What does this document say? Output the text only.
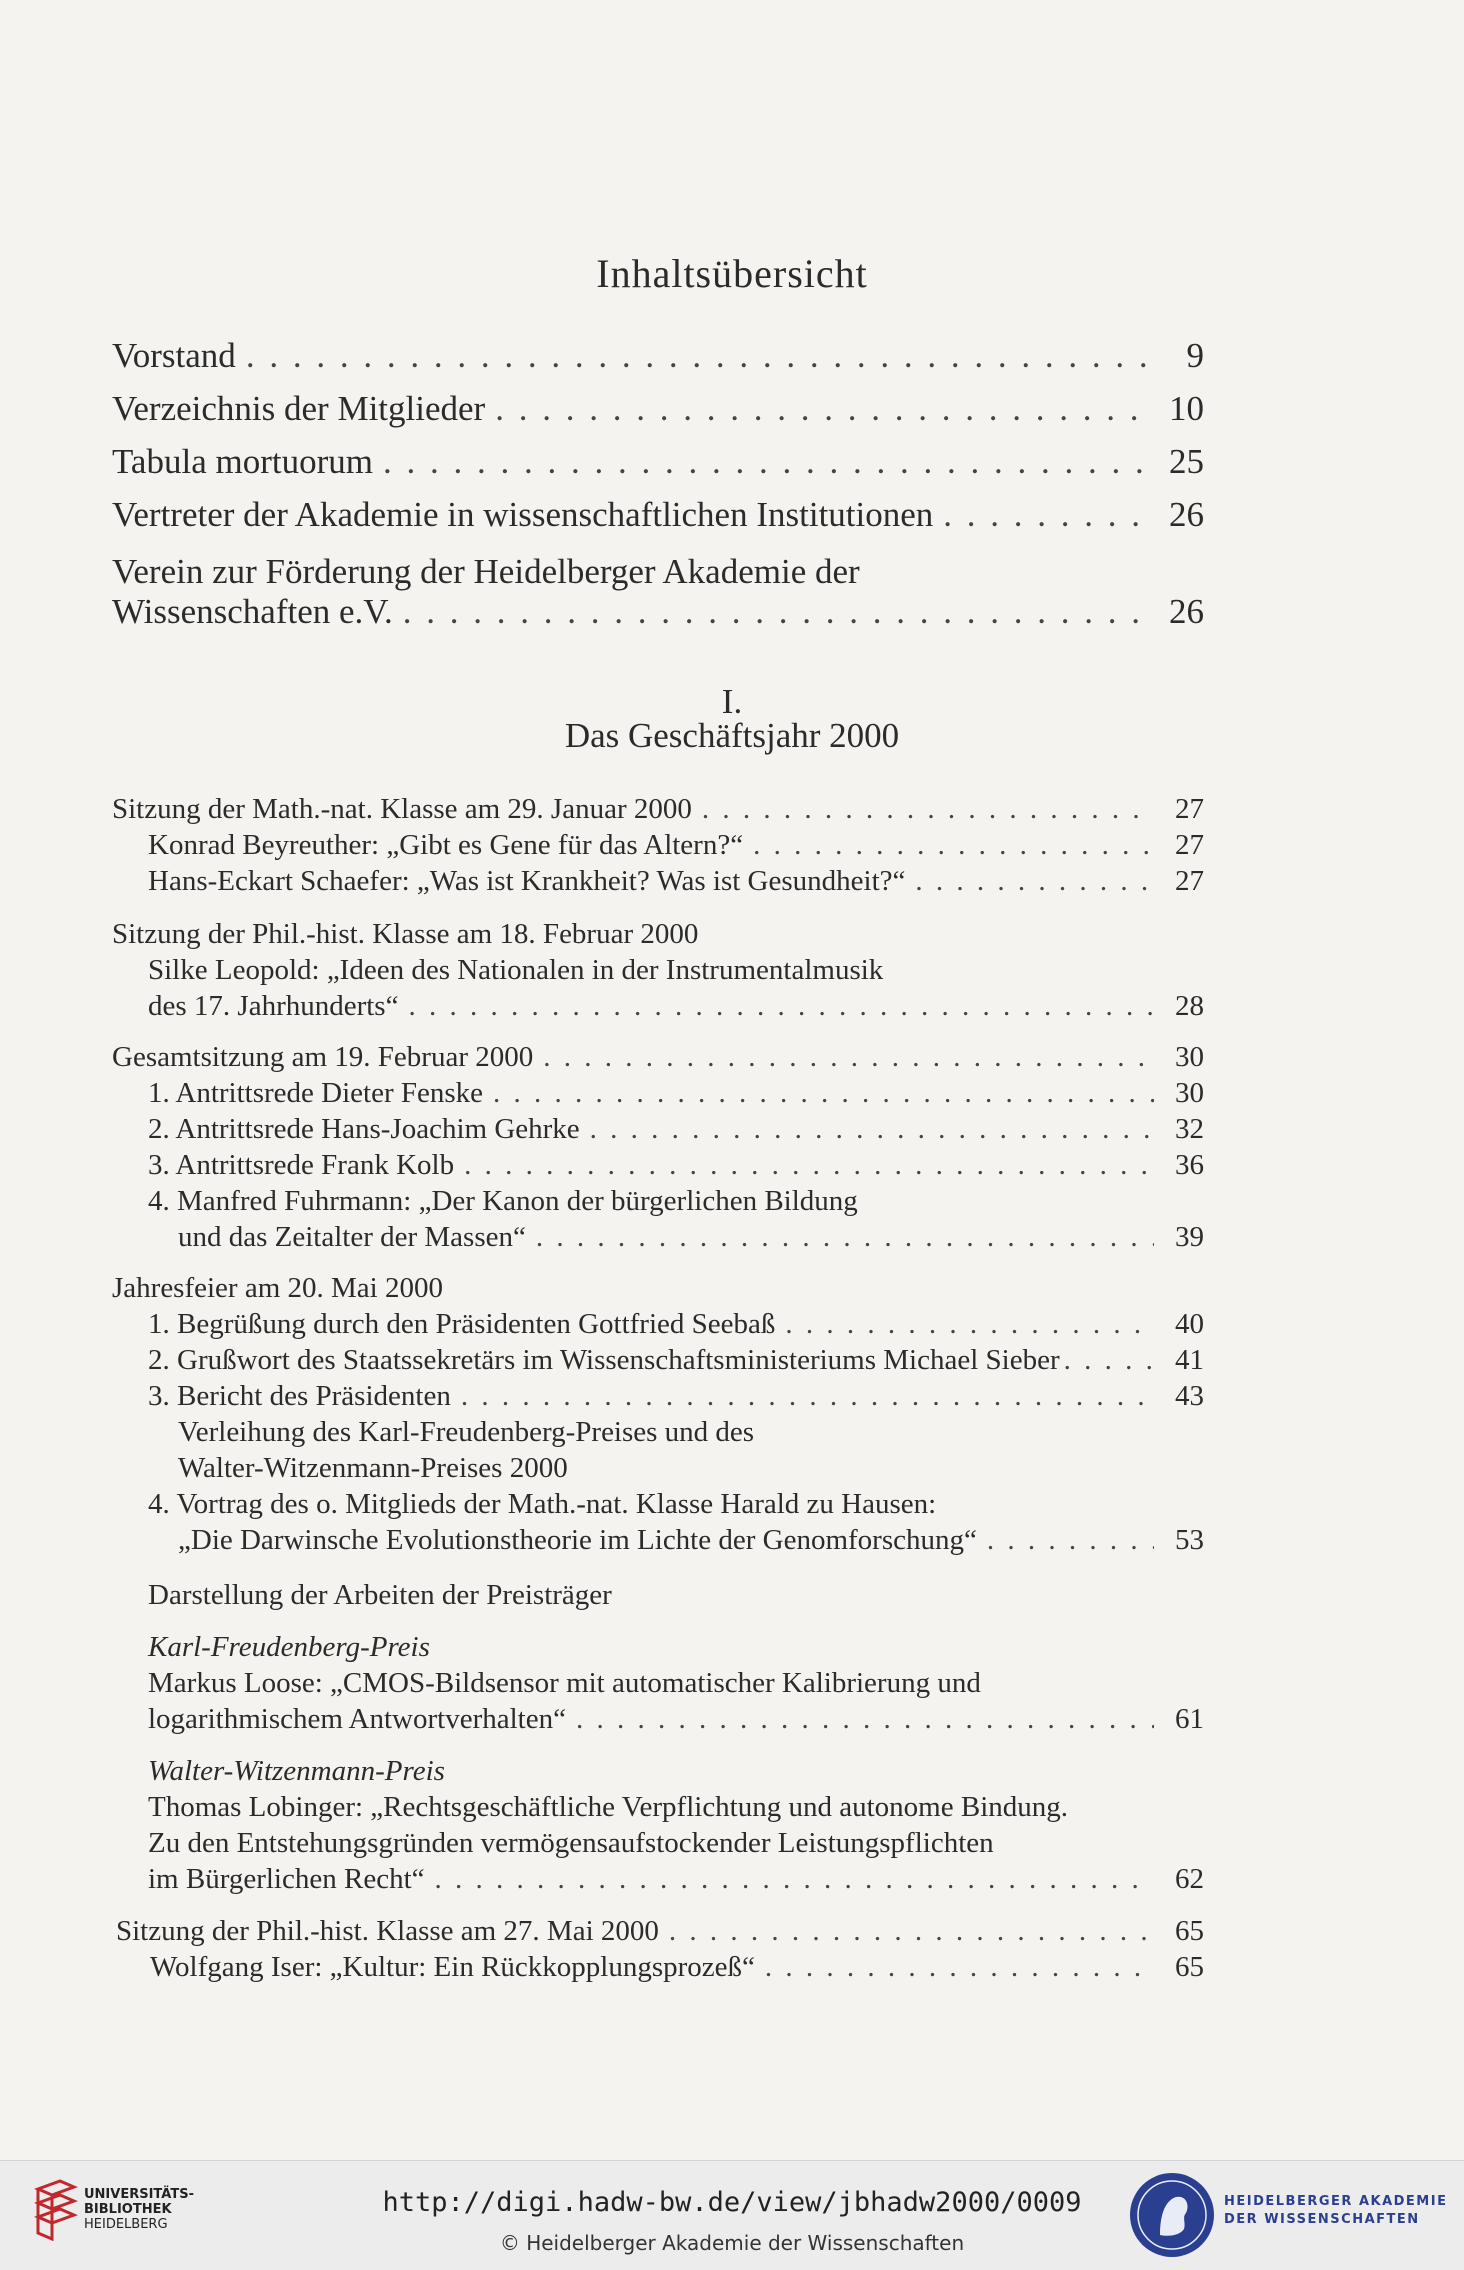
Inhaltsübersicht
Vorstand . . .	9
Verzeichnis der Mitglieder . . .	10
Tabula mortuorum . . .	25
Vertreter der Akademie in wissenschaftlichen Institutionen . . .	26
Verein zur Förderung der Heidelberger Akademie der
Wissenschaften e.V. . . .	26
I.
Das Geschäftsjahr 2000
Sitzung der Math.-nat. Klasse am 29. Januar 2000 . . .	27
Konrad Beyreuther: „Gibt es Gene für das Altern?“ . . .	27
Hans-Eckart Schaefer: „Was ist Krankheit? Was ist Gesundheit?“ . . .	27
Sitzung der Phil.-hist. Klasse am 18. Februar 2000
Silke Leopold: „Ideen des Nationalen in der Instrumentalmusik
des 17. Jahrhunderts“ . . .	28
Gesamtsitzung am 19. Februar 2000 . . .	30
1. Antrittsrede Dieter Fenske . . .	30
2. Antrittsrede Hans-Joachim Gehrke . . .	32
3. Antrittsrede Frank Kolb . . .	36
4. Manfred Fuhrmann: „Der Kanon der bürgerlichen Bildung
und das Zeitalter der Massen“ . . .	39
Jahresfeier am 20. Mai 2000
1. Begrüßung durch den Präsidenten Gottfried Seebaß . . .	40
2. Grußwort des Staatssekretärs im Wissenschaftsministeriums Michael Sieber . . .	41
3. Bericht des Präsidenten . . .	43
Verleihung des Karl-Freudenberg-Preises und des
Walter-Witzenmann-Preises 2000
4. Vortrag des o. Mitglieds der Math.-nat. Klasse Harald zu Hausen:
„Die Darwinsche Evolutionstheorie im Lichte der Genomforschung“ . . .	53
Darstellung der Arbeiten der Preisträger
Karl-Freudenberg-Preis
Markus Loose: „CMOS-Bildsensor mit automatischer Kalibrierung und
logarithmischem Antwortverhalten“ . . .	61
Walter-Witzenmann-Preis
Thomas Lobinger: „Rechtsgeschäftliche Verpflichtung und autonome Bindung.
Zu den Entstehungsgründen vermögensaufstockender Leistungspflichten
im Bürgerlichen Recht“ . . .	62
Sitzung der Phil.-hist. Klasse am 27. Mai 2000 . . .	65
Wolfgang Iser: „Kultur: Ein Rückkopplungsprozeß“ . . .	65
UNIVERSITÄTS-
BIBLIOTHEK
HEIDELBERG
http://digi.hadw-bw.de/view/jbhadw2000/0009
© Heidelberger Akademie der Wissenschaften
HEIDELBERGER AKADEMIE
DER WISSENSCHAFTEN
